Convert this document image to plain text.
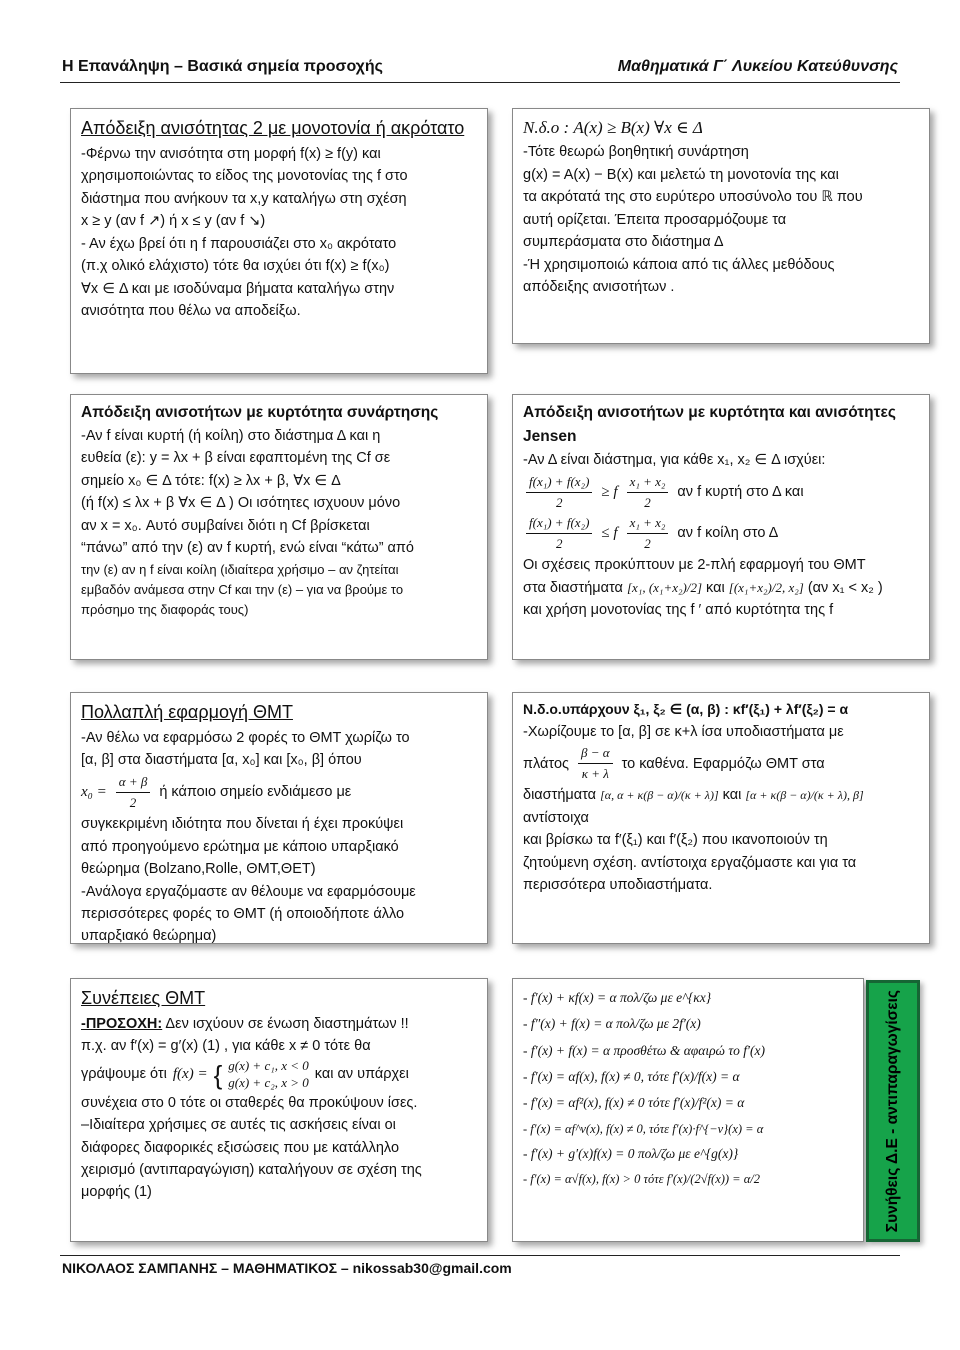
Η Επανάληψη – Βασικά σημεία προσοχής	Μαθηματικά Γ΄ Λυκείου Κατεύθυνσης

Απόδειξη ανισότητας 2 με μονοτονία ή ακρότατο

-Φέρνω την ανισότητα στη μορφή f(x) ≥ f(y) και

χρησιμοποιώντας το είδος της μονοτονίας της f στο

διάστημα που ανήκουν τα x,y καταλήγω στη σχέση

x ≥ y (αν f ↗) ή x ≤ y (αν f ↘)

- Αν έχω βρεί ότι η f παρουσιάζει στο x₀ ακρότατο

(π.χ ολικό ελάχιστο) τότε θα ισχύει ότι f(x) ≥ f(x₀)

∀x ∈ Δ και με ισοδύναμα βήματα καταλήγω στην

ανισότητα που θέλω να αποδείξω.

Ν.δ.ο : A(x) ≥ B(x) ∀x ∈ Δ

-Τότε θεωρώ βοηθητική συνάρτηση

g(x) = A(x) − B(x) και μελετώ τη μονοτονία της και

τα ακρότατά της στο ευρύτερο υποσύνολο του ℝ που

αυτή ορίζεται. Έπειτα προσαρμόζουμε τα

συμπεράσματα στο διάστημα Δ

-Ή χρησιμοποιώ κάποια από τις άλλες μεθόδους

απόδειξης ανισοτήτων .

Απόδειξη ανισοτήτων με κυρτότητα συνάρτησης

-Αν f είναι κυρτή (ή κοίλη) στο διάστημα Δ και η

ευθεία (ε): y = λx + β είναι εφαπτομένη της Cf σε

σημείο x₀ ∈ Δ τότε: f(x) ≥ λx + β, ∀x ∈ Δ

(ή f(x) ≤ λx + β ∀x ∈ Δ ) Οι ισότητες ισχυουν μόνο

αν x = x₀. Αυτό συμβαίνει διότι η Cf βρίσκεται

“πάνω” από την (ε) αν f κυρτή, ενώ είναι “κάτω” από

την (ε) αν η f είναι κοίλη (ιδιαίτερα χρήσιμο – αν ζητείται

εμβαδόν ανάμεσα στην Cf και την (ε) – για να βρούμε το

πρόσημο της διαφοράς τους)

Απόδειξη ανισοτήτων με κυρτότητα και ανισότητες Jensen

-Αν Δ είναι διάστημα, για κάθε x₁, x₂ ∈ Δ ισχύει:

$\frac{\text{f(x₁) + f(x₂)}}{2} \ge f \frac{\text{x₁ + x₂}}{2}$ αν f κυρτή στο Δ και
$\frac{\text{f(x₁) + f(x₂)}}{2} \le f \frac{\text{x₁ + x₂}}{2}$ αν f κοίλη στο Δ

Οι σχέσεις προκύπτουν με 2-πλή εφαρμογή του ΘΜΤ

στα διαστήματα [x₁, (x₁+x₂)/2] και [(x₁+x₂)/2, x₂] (αν x₁ < x₂ )

και χρήση μονοτονίας της f ′ από κυρτότητα της f

Πολλαπλή εφαρμογή ΘΜΤ

-Αν θέλω να εφαρμόσω 2 φορές το ΘΜΤ χωρίζω το

[α, β] στα διαστήματα [α, x₀] και [x₀, β] όπου

$x_0 = \frac{\alpha + \beta}{2}$ ή κάποιο σημείο ενδιάμεσο με

συγκεκριμένη ιδιότητα που δίνεται ή έχει προκύψει

από προηγούμενο ερώτημα με κάποιο υπαρξιακό

θεώρημα (Bolzano,Rolle, ΘΜΤ,ΘΕΤ)

-Ανάλογα εργαζόμαστε αν θέλουμε να εφαρμόσουμε

περισσότερες φορές το ΘΜΤ (ή οποιοδήποτε άλλο

υπαρξιακό θεώρημα)

Ν.δ.ο.υπάρχουν ξ₁, ξ₂ ∈ (α, β) : κf′(ξ₁) + λf′(ξ₂) = α

-Χωρίζουμε το [α, β] σε κ+λ ίσα υποδιαστήματα με

πλάτος $\frac{\beta - \alpha}{\kappa + \lambda}$ το καθένα. Εφαρμόζω ΘΜΤ στα

διαστήματα [α, α + κ(β − α)/(κ + λ)] και [α + κ(β − α)/(κ + λ), β] αντίστοιχα

και βρίσκω τα f′(ξ₁) και f′(ξ₂) που ικανοποιούν τη

ζητούμενη σχέση. αντίστοιχα εργαζόμαστε και για τα

περισσότερα υποδιαστήματα.

Συνέπειες ΘΜΤ

-ΠΡΟΣΟΧΗ: Δεν ισχύουν σε ένωση διαστημάτων !!

π.χ. αν f′(x) = g′(x) (1) , για κάθε x ≠ 0 τότε θα

γράψουμε ότι f(x) = { g(x) + c₁, x < 0
g(x) + c₂, x > 0 και αν υπάρχει

συνέχεια στο 0 τότε οι σταθερές θα προκύψουν ίσες.

–Ιδιαίτερα χρήσιμες σε αυτές τις ασκήσεις είναι οι

διάφορες διαφορικές εξισώσεις που με κατάλληλο

χειρισμό (αντιπαραγώγιση) καταλήγουν σε σχέση της

μορφής (1)

- f′(x) + κf(x) = α πολ/ζω με e^{κx}

- f″(x) + f(x) = α πολ/ζω με 2f′(x)

- f′(x) + f(x) = α προσθέτω & αφαιρώ το f′(x)

- f′(x) = αf(x), f(x) ≠ 0, τότε f′(x)/f(x) = α

- f′(x) = αf²(x), f(x) ≠ 0 τότε f′(x)/f²(x) = α

- f′(x) = αf^ν(x), f(x) ≠ 0, τότε f′(x)·f^{−ν}(x) = α

- f′(x) + g′(x)f(x) = 0 πολ/ζω με e^{g(x)}

- f′(x) = α√f(x), f(x) > 0 τότε f′(x)/(2√f(x)) = α/2	Συνήθεις Δ.Ε - αντιπαραγωγίσεις
ΝΙΚΟΛΑΟΣ ΣΑΜΠΑΝΗΣ – ΜΑΘΗΜΑΤΙΚΟΣ – nikossab30@gmail.com
